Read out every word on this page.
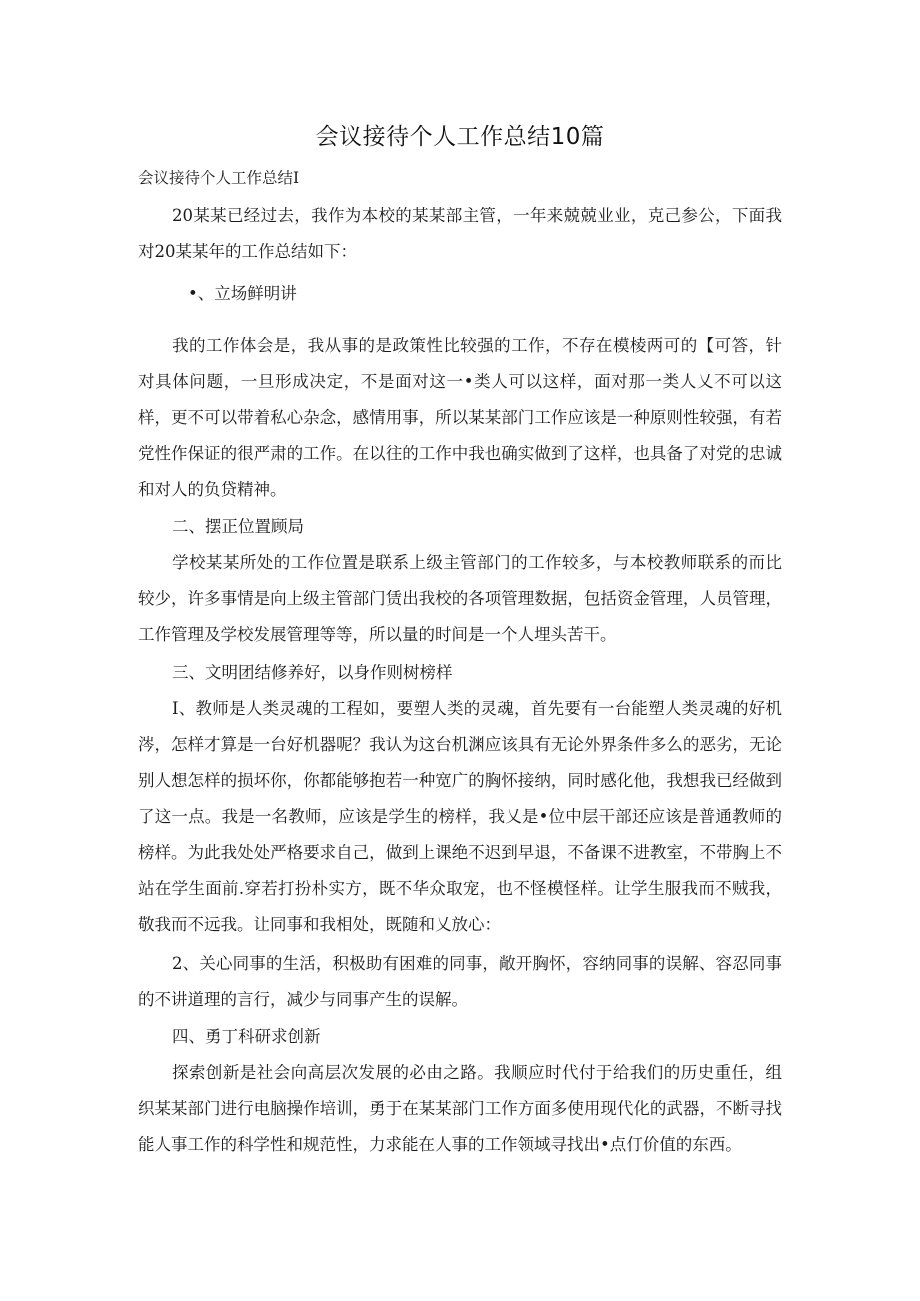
会议接待个人工作总结10篇
会议接待个人工作总结I

20某某已经过去，我作为本校的某某部主管，一年来兢兢业业，克己参公，下面我对20某某年的工作总结如下：

•、立场鲜明讲

我的工作体会是，我从事的是政策性比较强的工作，不存在模棱两可的【可答，针对具体问题，一旦形成决定，不是面对这一•类人可以这样，面对那一类人乂不可以这样，更不可以带着私心杂念，感情用事，所以某某部门工作应该是一种原则性较强，有若党性作保证的很严肃的工作。在以往的工作中我也确实做到了这样，也具备了对党的忠诚和对人的负贷精神。

二、摆正位置顾局

学校某某所处的工作位置是联系上级主管部门的工作较多，与本校教师联系的而比较少，许多事情是向上级主管部门赁出我校的各项管理数据，包括资金管理，人员管理，工作管理及学校发展管理等等，所以量的时间是一个人埋头苦干。

三、文明团结修养好，以身作则树榜样

I、教师是人类灵魂的工程如，要塑人类的灵魂，首先要有一台能塑人类灵魂的好机涔，怎样才算是一台好机器呢？我认为这台机渊应该具有无论外界条件多么的恶劣，无论别人想怎样的损坏你，你都能够抱若一种宽广的胸怀接纳，同时感化他，我想我已经做到了这一点。我是一名教师，应该是学生的榜样，我乂是•位中层干部还应该是普通教师的榜样。为此我处处严格要求自己，做到上课绝不迟到早退，不备课不进教室，不带胸上不站在学生面前.穿若打扮朴实方，既不华众取宠，也不怪模怪样。让学生服我而不贼我，敬我而不远我。让同事和我相处，既随和乂放心：

2、关心同事的生活，积极助有困难的同事，敞开胸怀，容纳同事的误解、容忍同事的不讲道理的言行，减少与同事产生的误解。

四、勇丁科研求创新

探索创新是社会向高层次发展的必由之路。我顺应时代付于给我们的历史重任，组织某某部门进行电脑操作培训，勇于在某某部门工作方面多使用现代化的武器，不断寻找能人事工作的科学性和规范性，力求能在人事的工作领域寻找出•点仃价值的东西。
